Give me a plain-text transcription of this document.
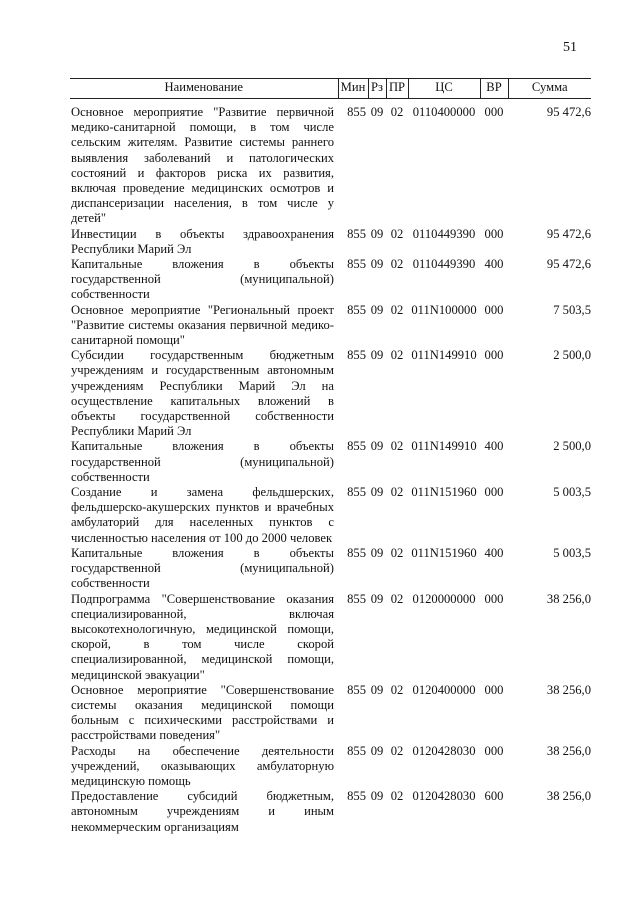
51
Наименование	Мин	Рз	ПР	ЦС	ВР	Сумма
Основное мероприятие "Развитие первичной медико-санитарной помощи, в том числе сельским жителям. Развитие системы раннего выявления заболеваний и патологических состояний и факторов риска их развития, включая проведение медицинских осмотров и диспансеризации населения, в том числе у детей"	855	09	02	0110400000	000	95 472,6
Инвестиции в объекты здравоохранения Республики Марий Эл	855	09	02	0110449390	000	95 472,6
Капитальные вложения в объекты государственной (муниципальной) собственности	855	09	02	0110449390	400	95 472,6
Основное мероприятие "Региональный проект "Развитие системы оказания первичной медико-санитарной помощи"	855	09	02	011N100000	000	7 503,5
Субсидии государственным бюджетным учреждениям и государственным автономным учреждениям Республики Марий Эл на осуществление капитальных вложений в объекты государственной собственности Республики Марий Эл	855	09	02	011N149910	000	2 500,0
Капитальные вложения в объекты государственной (муниципальной) собственности	855	09	02	011N149910	400	2 500,0
Создание и замена фельдшерских, фельдшерско-акушерских пунктов и врачебных амбулаторий для населенных пунктов с численностью населения от 100 до 2000 человек	855	09	02	011N151960	000	5 003,5
Капитальные вложения в объекты государственной (муниципальной) собственности	855	09	02	011N151960	400	5 003,5
Подпрограмма "Совершенствование оказания специализированной, включая высокотехнологичную, медицинской помощи, скорой, в том числе скорой специализированной, медицинской помощи, медицинской эвакуации"	855	09	02	0120000000	000	38 256,0
Основное мероприятие "Совершенствование системы оказания медицинской помощи больным с психическими расстройствами и расстройствами поведения"	855	09	02	0120400000	000	38 256,0
Расходы на обеспечение деятельности учреждений, оказывающих амбулаторную медицинскую помощь	855	09	02	0120428030	000	38 256,0
Предоставление субсидий бюджетным, автономным учреждениям и иным некоммерческим организациям	855	09	02	0120428030	600	38 256,0
